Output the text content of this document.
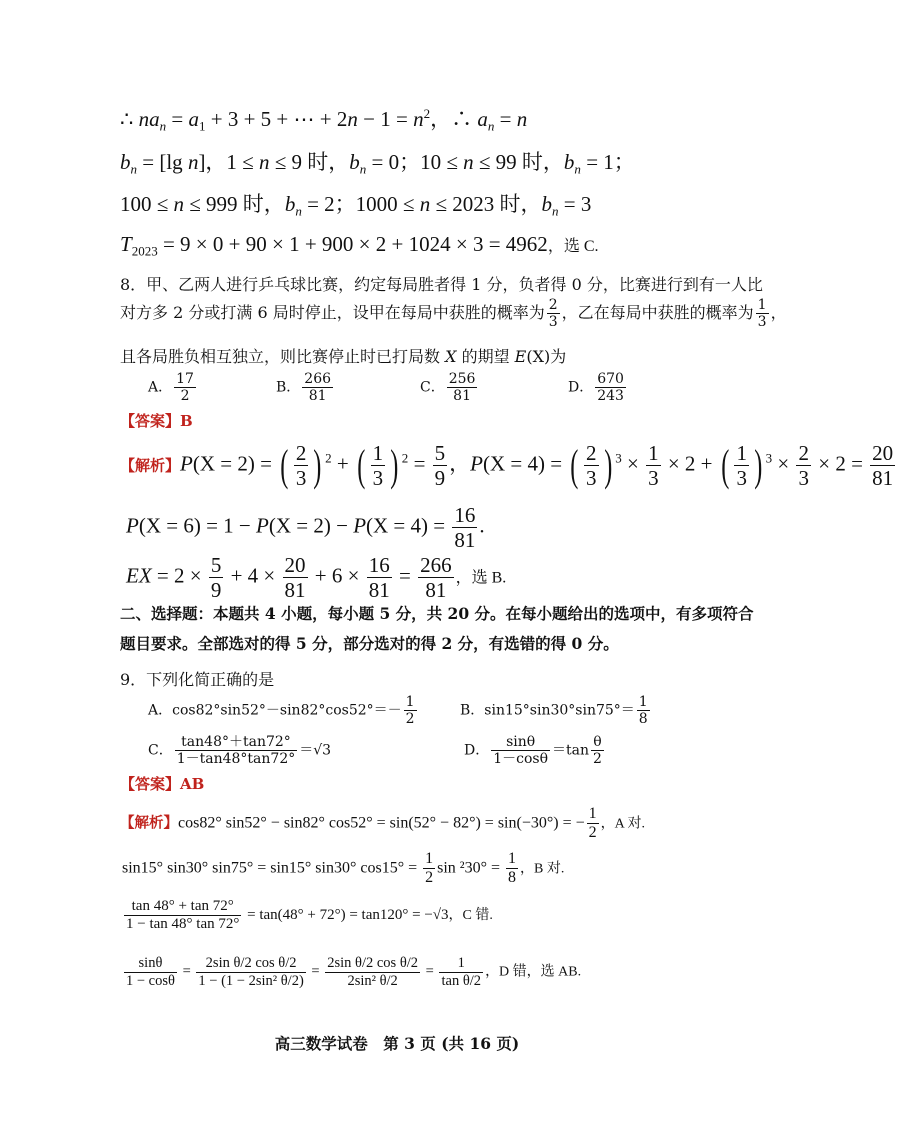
∴ $na_n = a_1 + 3 + 5$ + ⋯ + $2n - 1 = n^2$，∴ $a_n = n$
$b_n = [\lg$ n]，1 ≤ n ≤ 9 时，$b_n = 0$；10 ≤ n ≤ 99 时，$b_n = 1$；
100 ≤ n ≤ 999 时，$b_n = 2$；1000 ≤ n ≤ 2023 时，$b_n = 3$
$T_{2023} = 9 \times 0 + 90 \times 1 + 900 \times 2 + 1024 \times 3 = 4962$，选 C.
8．甲、乙两人进行乒乓球比赛，约定每局胜者得 1 分，负者得 0 分，比赛进行到有一人比
对方多 2 分或打满 6 局时停止，设甲在每局中获胜的概率为 $\frac{2}{3}$ ，乙在每局中获胜的概率为 $\frac{1}{3}$ ，
且各局胜负相互独立，则比赛停止时已打局数 X 的期望 E(X)为
A． $\frac{17}{2}$	B． $\frac{266}{81}$	C． $\frac{256}{81}$	D． $\frac{670}{243}$
【答案】B
【解析】P(X = 2) = ( $\frac{2}{3}$ ) $^2$ + ( $\frac{1}{3}$ ) $^2 = \frac{5}{9}$ ，P(X = 4) = ( $\frac{2}{3}$ ) $^3 \times \frac{1}{3} \times 2$ + ( $\frac{1}{3}$ ) $^3 \times \frac{2}{3} \times 2 = \frac{20}{81}$
$P(X = 6) = 1 - P(X = 2) - P(X = 4) = \frac{16}{81}$ .
EX = $2 \times \frac{5}{9} + 4 \times \frac{20}{81} + 6 \times \frac{16}{81} = \frac{266}{81}$ ，选 B.
二、选择题：本题共 4 小题，每小题 5 分，共 20 分。在每小题给出的选项中，有多项符合
题目要求。全部选对的得 5 分，部分选对的得 2 分，有选错的得 0 分。
9．下列化简正确的是
A．$\cos 82^\circ\sin 52^\circ-\sin 82^\circ\cos 52^\circ=- \frac{1}{2}$	B．$\sin 15^\circ\sin 30^\circ\sin 75^\circ= \frac{1}{8}$
C． $\frac{\tan 48^\circ+\tan 72^\circ}{1-\tan 48^\circ\tan 72^\circ} =√3$	D． $\frac{\sin\theta}{1-\cos\theta} =\tan \frac{\theta}{2}$
【答案】AB
【解析】cos82° sin52° − sin82° cos52° = sin(52° − 82°) = sin(−30°) = − $\frac{1}{2}$ ，A 对.
sin15° sin30° sin75° = sin15° sin30° $\cos 15^\circ = \frac{1}{2}$ $\sin ^230^\circ = \frac{1}{8}$ ，B 对.
$\frac{\tan 48^\circ + \tan 72^\circ}{1 - \tan 48^\circ \tan 72^\circ} = \tan(48^\circ + 72^\circ) = \tan 120^\circ = -√3$，C 错.
$\frac{\sin\theta}{1 - \cos\theta} = \frac{\text{2sin θ/2 cos θ/2}}{\text{1 − (1 − 2sin² θ/2)}} = \frac{\text{2sin θ/2 cos θ/2}}{\text{2sin² θ/2}} = \frac{1}{\text{tan θ/2}}$ ，D 错，选 AB.
高三数学试卷　第 3 页 (共 16 页)
